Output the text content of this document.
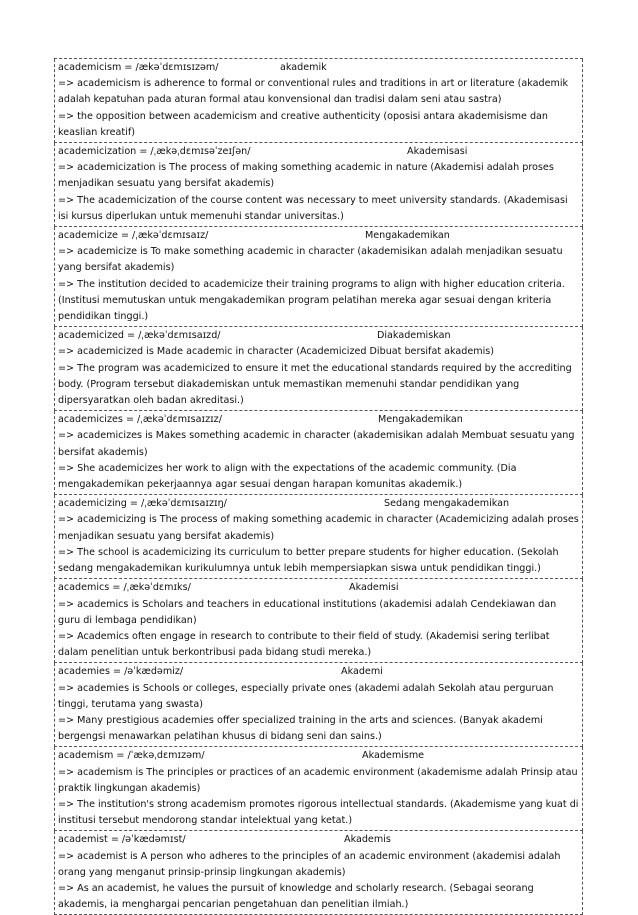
academicism = /ækəˈdɛmɪsɪzəm/	akademik

=> academicism is adherence to formal or conventional rules and traditions in art or literature (akademik adalah kepatuhan pada aturan formal atau konvensional dan tradisi dalam seni atau sastra)

=> the opposition between academicism and creative authenticity (oposisi antara akademisisme dan keaslian kreatif)

academicization = /ˌækəˌdɛmɪsəˈzeɪʃən/	Akademisasi

=> academicization is The process of making something academic in nature (Akademisi adalah proses menjadikan sesuatu yang bersifat akademis)

=> The academicization of the course content was necessary to meet university standards. (Akademisasi isi kursus diperlukan untuk memenuhi standar universitas.)

academicize = /ˌækəˈdɛmɪsaɪz/	Mengakademikan

=> academicize is To make something academic in character (akademisikan adalah menjadikan sesuatu yang bersifat akademis)

=> The institution decided to academicize their training programs to align with higher education criteria. (Institusi memutuskan untuk mengakademikan program pelatihan mereka agar sesuai dengan kriteria pendidikan tinggi.)

academicized = /ˌækəˈdɛmɪsaɪzd/	Diakademiskan

=> academicized is Made academic in character (Academicized Dibuat bersifat akademis)

=> The program was academicized to ensure it met the educational standards required by the accrediting body. (Program tersebut diakademiskan untuk memastikan memenuhi standar pendidikan yang dipersyaratkan oleh badan akreditasi.)

academicizes = /ˌækəˈdɛmɪsaɪzɪz/	Mengakademikan

=> academicizes is Makes something academic in character (akademisikan adalah Membuat sesuatu yang bersifat akademis)

=> She academicizes her work to align with the expectations of the academic community. (Dia mengakademikan pekerjaannya agar sesuai dengan harapan komunitas akademik.)

academicizing = /ˌækəˈdɛmɪsaɪzɪŋ/	Sedang mengakademikan

=> academicizing is The process of making something academic in character (Academicizing adalah proses menjadikan sesuatu yang bersifat akademis)

=> The school is academicizing its curriculum to better prepare students for higher education. (Sekolah sedang mengakademikan kurikulumnya untuk lebih mempersiapkan siswa untuk pendidikan tinggi.)

academics = /ˌækəˈdɛmɪks/	Akademisi

=> academics is Scholars and teachers in educational institutions (akademisi adalah Cendekiawan dan guru di lembaga pendidikan)

=> Academics often engage in research to contribute to their field of study. (Akademisi sering terlibat dalam penelitian untuk berkontribusi pada bidang studi mereka.)

academies = /əˈkædəmiz/	Akademi

=> academies is Schools or colleges, especially private ones (akademi adalah Sekolah atau perguruan tinggi, terutama yang swasta)

=> Many prestigious academies offer specialized training in the arts and sciences. (Banyak akademi bergengsi menawarkan pelatihan khusus di bidang seni dan sains.)

academism = /ˈækəˌdɛmɪzəm/	Akademisme

=> academism is The principles or practices of an academic environment (akademisme adalah Prinsip atau praktik lingkungan akademis)

=> The institution's strong academism promotes rigorous intellectual standards. (Akademisme yang kuat di institusi tersebut mendorong standar intelektual yang ketat.)

academist = /əˈkædəmɪst/	Akademis

=> academist is A person who adheres to the principles of an academic environment (akademisi adalah orang yang menganut prinsip-prinsip lingkungan akademis)

=> As an academist, he values the pursuit of knowledge and scholarly research. (Sebagai seorang akademis, ia menghargai pencarian pengetahuan dan penelitian ilmiah.)
